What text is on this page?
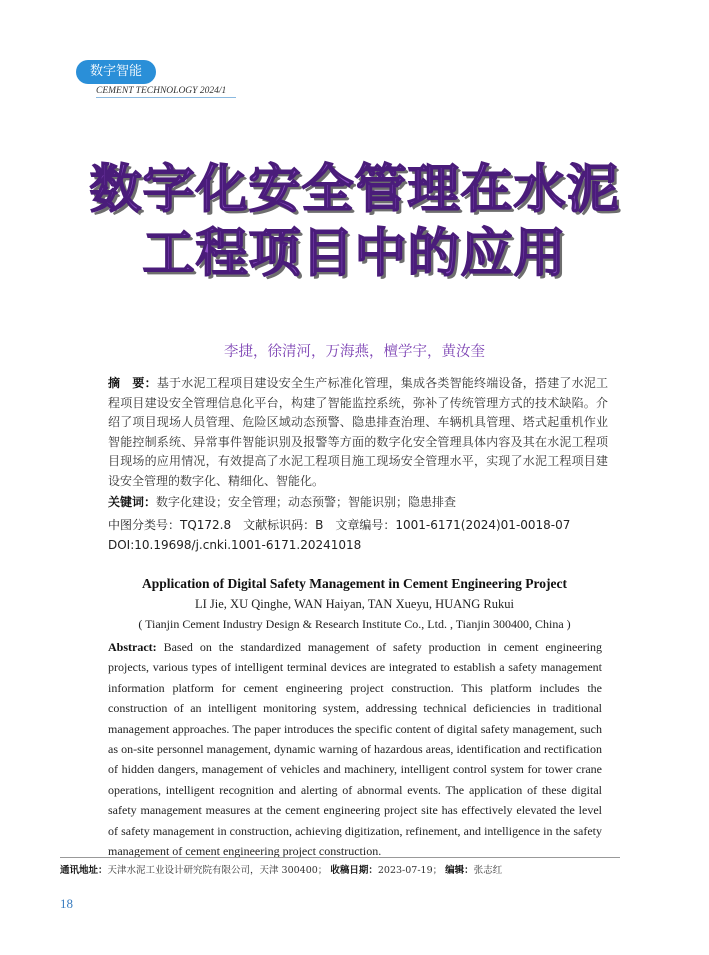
数字智能
CEMENT TECHNOLOGY 2024/1
数字化安全管理在水泥
工程项目中的应用
李捷，徐清河，万海燕，檀学宇，黄汝奎
摘　要：基于水泥工程项目建设安全生产标准化管理，集成各类智能终端设备，搭建了水泥工程项目建设安全管理信息化平台，构建了智能监控系统，弥补了传统管理方式的技术缺陷。介绍了项目现场人员管理、危险区域动态预警、隐患排查治理、车辆机具管理、塔式起重机作业智能控制系统、异常事件智能识别及报警等方面的数字化安全管理具体内容及其在水泥工程项目现场的应用情况，有效提高了水泥工程项目施工现场安全管理水平，实现了水泥工程项目建设安全管理的数字化、精细化、智能化。
关键词：数字化建设；安全管理；动态预警；智能识别；隐患排查
中图分类号：TQ172.8　文献标识码：B　文章编号：1001-6171(2024)01-0018-07
DOI:10.19698/j.cnki.1001-6171.20241018
Application of Digital Safety Management in Cement Engineering Project
LI Jie, XU Qinghe, WAN Haiyan, TAN Xueyu, HUANG Rukui
( Tianjin Cement Industry Design & Research Institute Co., Ltd. , Tianjin 300400, China )
Abstract: Based on the standardized management of safety production in cement engineering projects, various types of intelligent terminal devices are integrated to establish a safety management information platform for cement engineering project construction. This platform includes the construction of an intelligent monitoring system, addressing technical deficiencies in traditional management approaches. The paper introduces the specific content of digital safety management, such as on-site personnel management, dynamic warning of hazardous areas, identification and rectification of hidden dangers, management of vehicles and machinery, intelligent control system for tower crane operations, intelligent recognition and alerting of abnormal events. The application of these digital safety management measures at the cement engineering project site has effectively elevated the level of safety management in construction, achieving digitization, refinement, and intelligence in the safety management of cement engineering project construction.
通讯地址：天津水泥工业设计研究院有限公司，天津 300400； 收稿日期：2023-07-19； 编辑：张志红
18
